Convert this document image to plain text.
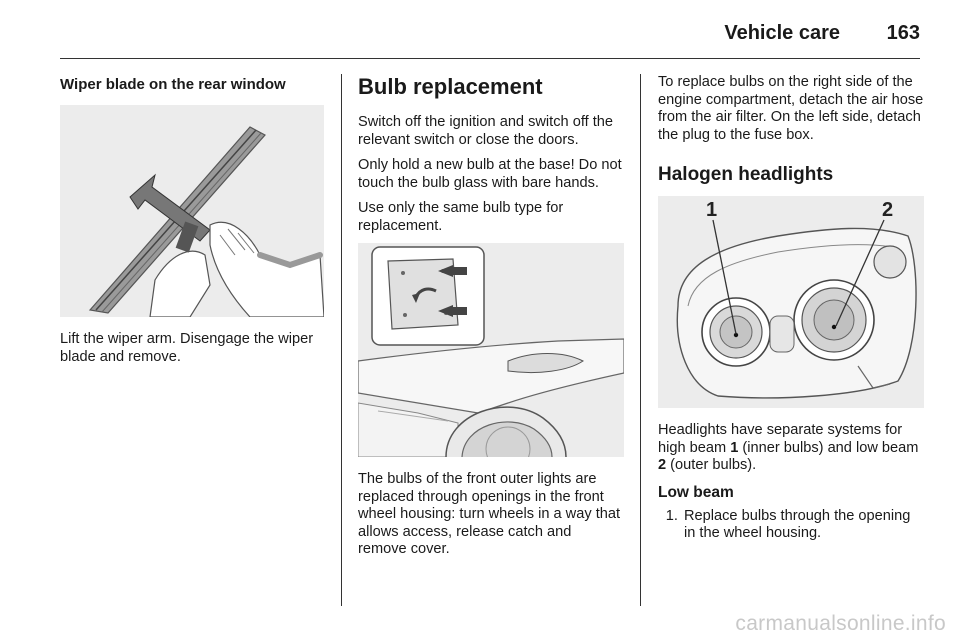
Vehicle care 163
Wiper blade on the rear window

Lift the wiper arm. Disengage the wiper blade and remove.

Bulb replacement

Switch off the ignition and switch off the relevant switch or close the doors.

Only hold a new bulb at the base! Do not touch the bulb glass with bare hands.

Use only the same bulb type for replacement.

The bulbs of the front outer lights are replaced through openings in the front wheel housing: turn wheels in a way that allows access, release catch and remove cover.

To replace bulbs on the right side of the engine compartment, detach the air hose from the air filter. On the left side, detach the plug to the fuse box.

Halogen headlights
1	2

Headlights have separate systems for high beam 1 (inner bulbs) and low beam 2 (outer bulbs).

Low beam
1. Replace bulbs through the opening in the wheel housing.
carmanualsonline.info
